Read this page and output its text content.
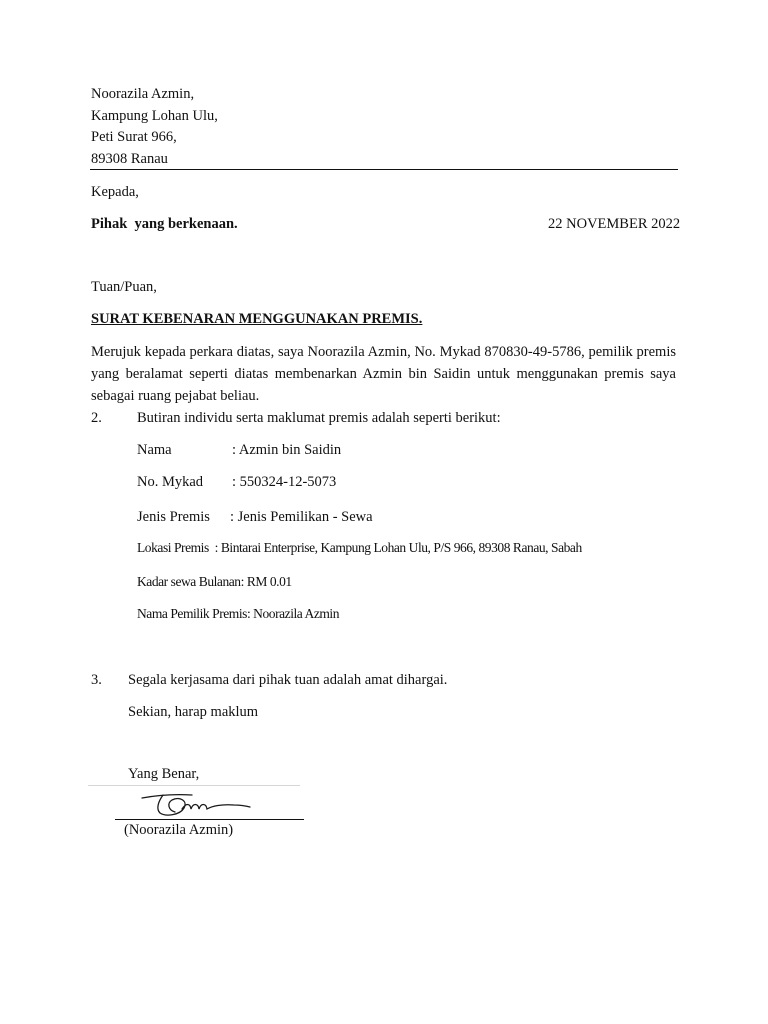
Noorazila Azmin,
Kampung Lohan Ulu,
Peti Surat 966,
89308 Ranau
Kepada,
Pihak  yang berkenaan.	22 NOVEMBER 2022
Tuan/Puan,
SURAT KEBENARAN MENGGUNAKAN PREMIS.
Merujuk kepada perkara diatas, saya Noorazila Azmin, No. Mykad 870830-49-5786, pemilik premis yang beralamat seperti diatas membenarkan Azmin bin Saidin untuk menggunakan premis saya sebagai ruang pejabat beliau.
2. Butiran individu serta maklumat premis adalah seperti berikut:
Nama	: Azmin bin Saidin
No. Mykad : 550324-12-5073
Jenis Premis : Jenis Pemilikan - Sewa
Lokasi Premis  : Bintarai Enterprise, Kampung Lohan Ulu, P/S 966, 89308 Ranau, Sabah
Kadar sewa Bulanan: RM 0.01
Nama Pemilik Premis: Noorazila Azmin
3. Segala kerjasama dari pihak tuan adalah amat dihargai.
Sekian, harap maklum
Yang Benar,
(Noorazila Azmin)
